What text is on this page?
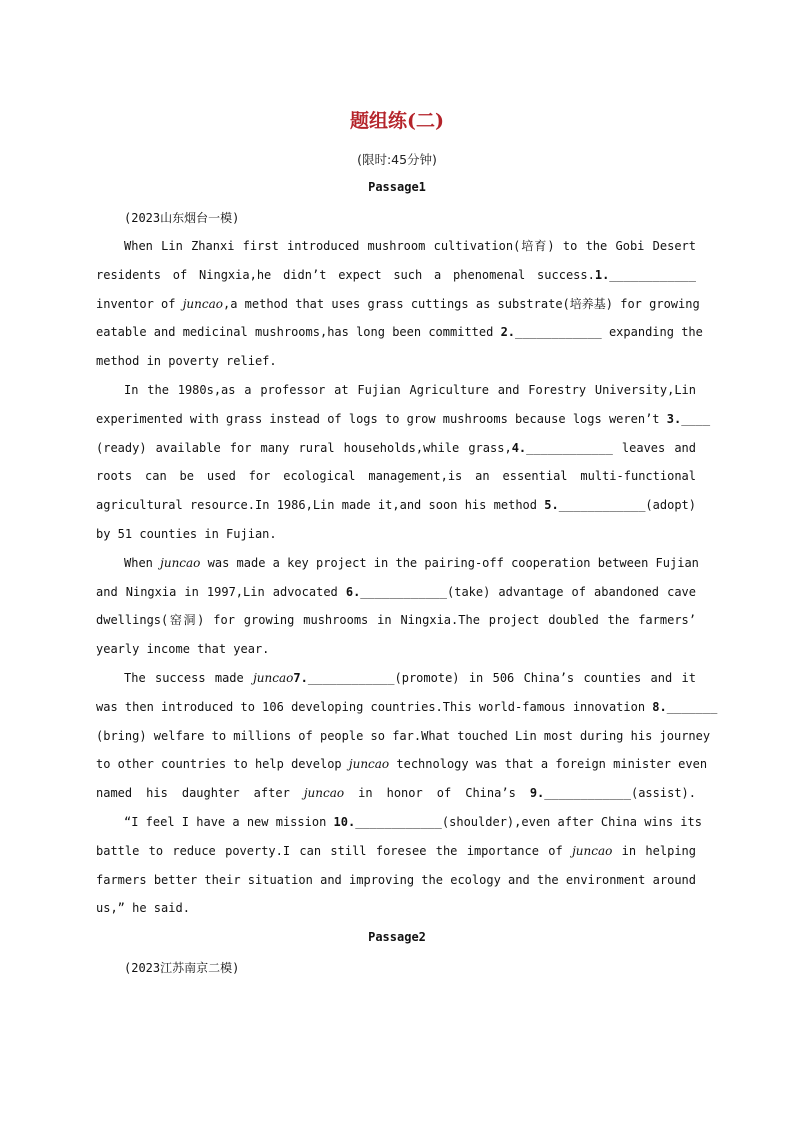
题组练(二)
(限时:45分钟)
Passage1
(2023山东烟台一模)
When Lin Zhanxi first introduced mushroom cultivation(培育) to the Gobi Desert
residents of Ningxia,he didn’t expect such a phenomenal success.1.____________
inventor of juncao,a method that uses grass cuttings as substrate(培养基) for growing
eatable and medicinal mushrooms,has long been committed 2.____________ expanding the
method in poverty relief.
In the 1980s,as a professor at Fujian Agriculture and Forestry University,Lin
experimented with grass instead of logs to grow mushrooms because logs weren’t 3.____
(ready) available for many rural households,while grass,4.____________ leaves and
roots can be used for ecological management,is an essential multi-functional
agricultural resource.In 1986,Lin made it,and soon his method 5.____________(adopt)
by 51 counties in Fujian.
When juncao was made a key project in the pairing-off cooperation between Fujian
and Ningxia in 1997,Lin advocated 6.____________(take) advantage of abandoned cave
dwellings(窑洞) for growing mushrooms in Ningxia.The project doubled the farmers’
yearly income that year.
The success made juncao7.____________(promote) in 506 China’s counties and it
was then introduced to 106 developing countries.This world-famous innovation 8._______
(bring) welfare to millions of people so far.What touched Lin most during his journey
to other countries to help develop juncao technology was that a foreign minister even
named his daughter after juncao in honor of China’s 9.____________(assist).
“I feel I have a new mission 10.____________(shoulder),even after China wins its
battle to reduce poverty.I can still foresee the importance of juncao in helping
farmers better their situation and improving the ecology and the environment around
us,” he said.
Passage2
(2023江苏南京二模)
